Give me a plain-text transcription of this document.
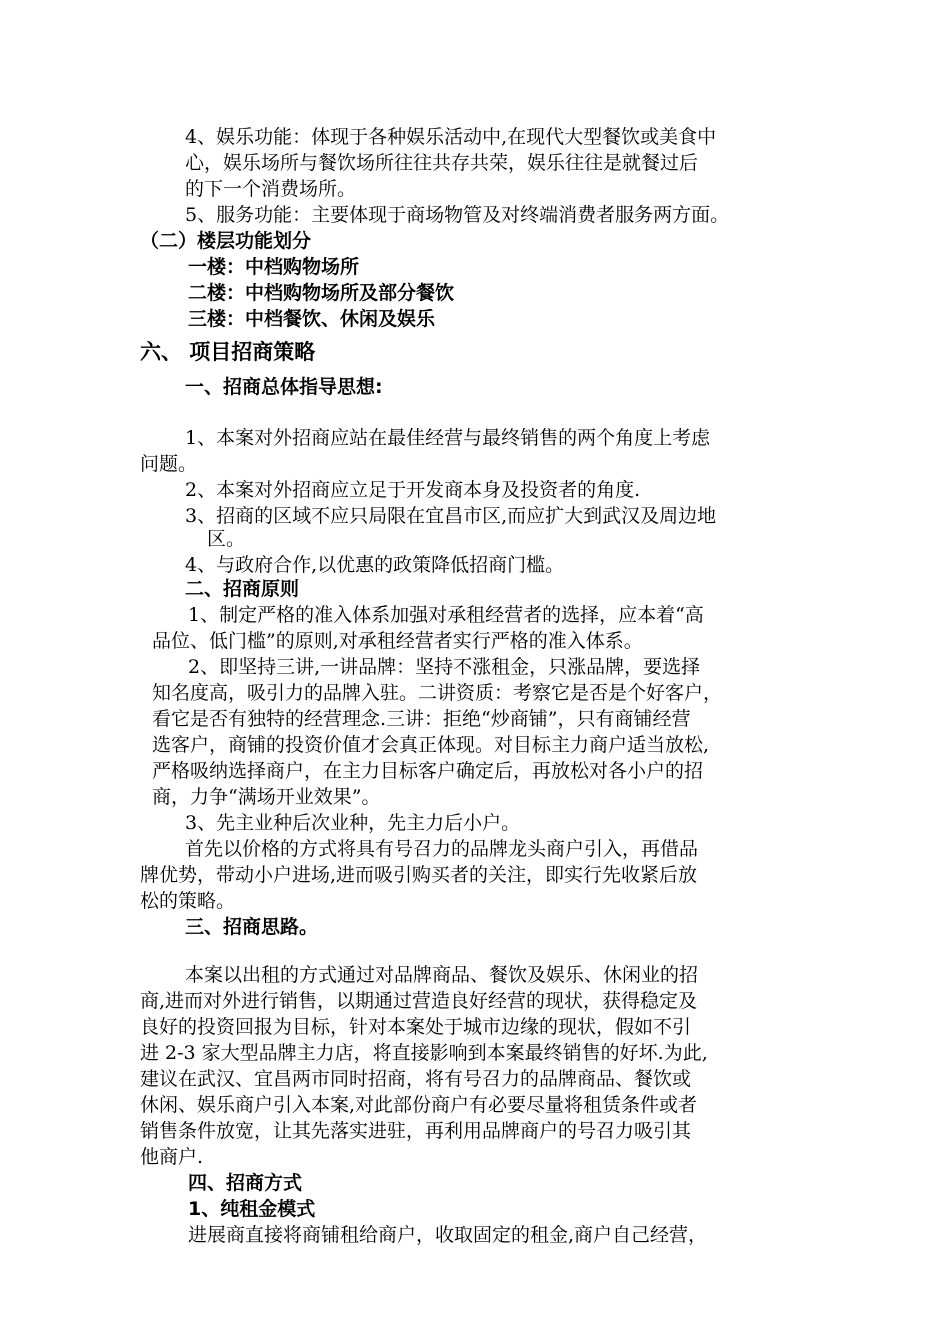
4、娱乐功能：体现于各种娱乐活动中,在现代大型餐饮或美食中
心，娱乐场所与餐饮场所往往共存共荣，娱乐往往是就餐过后
的下一个消费场所。
5、服务功能：主要体现于商场物管及对终端消费者服务两方面。
（二）楼层功能划分
一楼：中档购物场所
二楼：中档购物场所及部分餐饮
三楼：中档餐饮、休闲及娱乐
六、 项目招商策略
一、招商总体指导思想:
1、本案对外招商应站在最佳经营与最终销售的两个角度上考虑
问题。
2、本案对外招商应立足于开发商本身及投资者的角度.
3、招商的区域不应只局限在宜昌市区,而应扩大到武汉及周边地
区。
4、与政府合作,以优惠的政策降低招商门槛。
二、招商原则
1、制定严格的准入体系加强对承租经营者的选择，应本着“高
品位、低门槛”的原则,对承租经营者实行严格的准入体系。
2、即坚持三讲,一讲品牌：坚持不涨租金，只涨品牌，要选择
知名度高，吸引力的品牌入驻。二讲资质：考察它是否是个好客户，
看它是否有独特的经营理念.三讲：拒绝“炒商铺”，只有商铺经营
选客户，商铺的投资价值才会真正体现。对目标主力商户适当放松,
严格吸纳选择商户，在主力目标客户确定后，再放松对各小户的招
商，力争“满场开业效果”。
3、先主业种后次业种，先主力后小户。
首先以价格的方式将具有号召力的品牌龙头商户引入，再借品
牌优势，带动小户进场,进而吸引购买者的关注，即实行先收紧后放
松的策略。
三、招商思路。
本案以出租的方式通过对品牌商品、餐饮及娱乐、休闲业的招
商,进而对外进行销售，以期通过营造良好经营的现状，获得稳定及
良好的投资回报为目标，针对本案处于城市边缘的现状，假如不引
进 2-3 家大型品牌主力店，将直接影响到本案最终销售的好坏.为此,
建议在武汉、宜昌两市同时招商，将有号召力的品牌商品、餐饮或
休闲、娱乐商户引入本案,对此部份商户有必要尽量将租赁条件或者
销售条件放宽，让其先落实进驻，再利用品牌商户的号召力吸引其
他商户.
四、招商方式
1、纯租金模式
进展商直接将商铺租给商户，收取固定的租金,商户自己经营，
